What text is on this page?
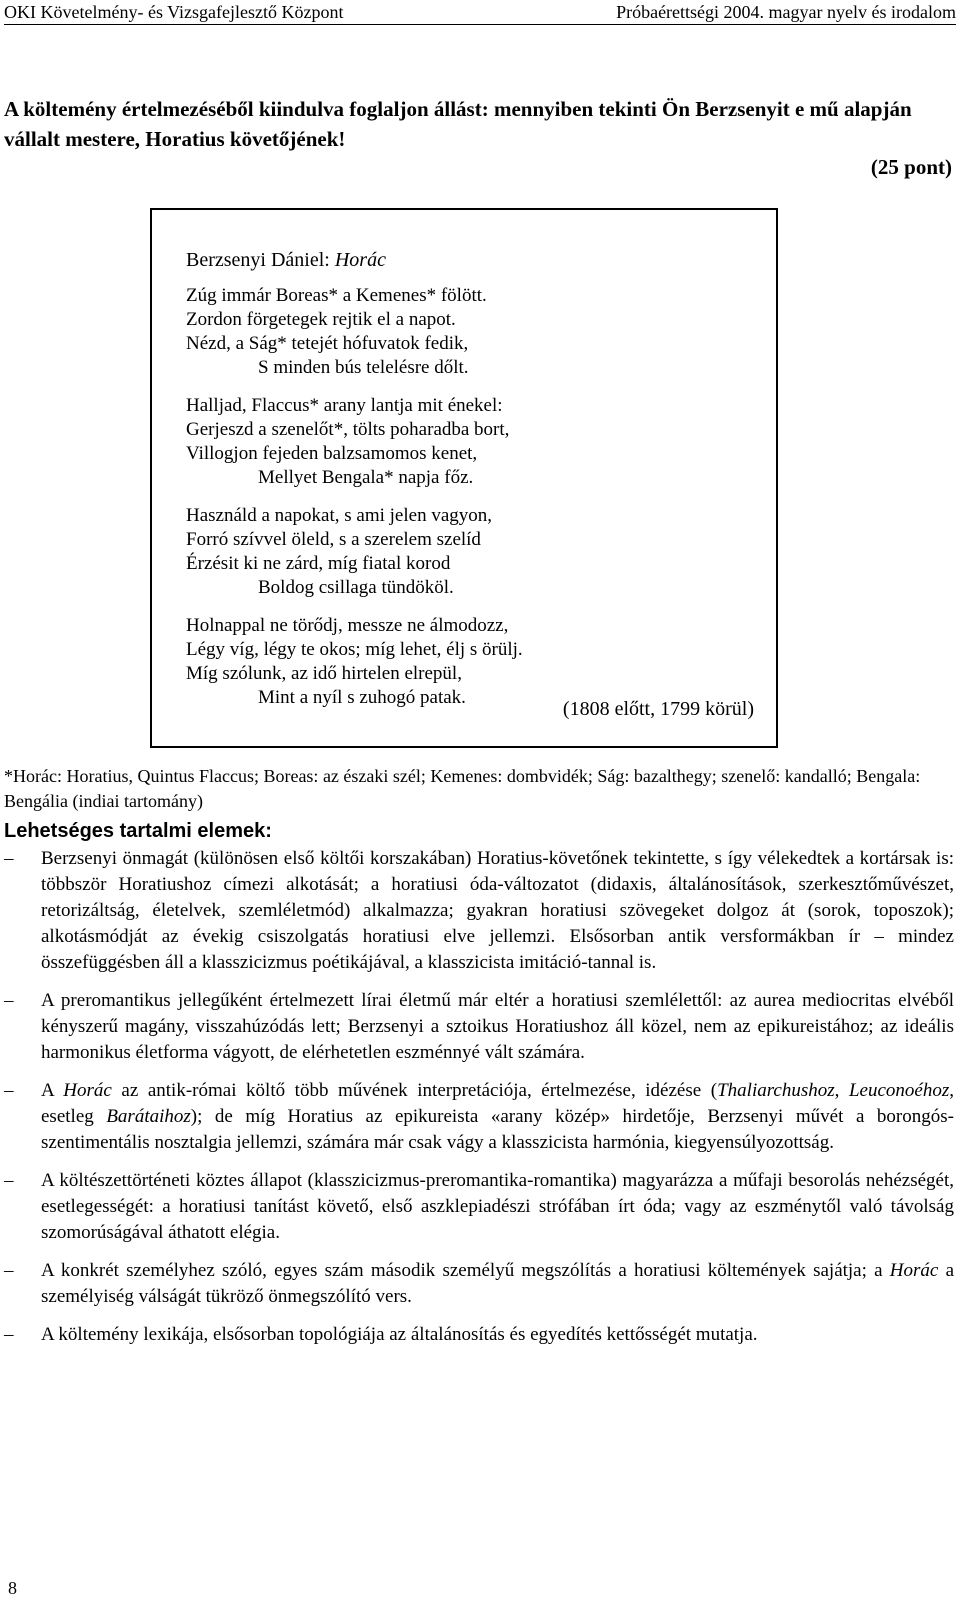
OKI Követelmény- és Vizsgafejlesztő Központ	Próbaérettségi 2004. magyar nyelv és irodalom
A költemény értelmezéséből kiindulva foglaljon állást: mennyiben tekinti Ön Berzsenyit e mű alapján vállalt mestere, Horatius követőjének!
(25 pont)
Berzsenyi Dániel: Horác
Zúg immár Boreas* a Kemenes* fölött.
Zordon förgetegek rejtik el a napot.
Nézd, a Ság* tetejét hófuvatok fedik,
S minden bús telelésre dőlt.
Halljad, Flaccus* arany lantja mit énekel:
Gerjeszd a szenelőt*, tölts poharadba bort,
Villogjon fejeden balzsamomos kenet,
Mellyet Bengala* napja főz.
Használd a napokat, s ami jelen vagyon,
Forró szívvel öleld, s a szerelem szelíd
Érzésit ki ne zárd, míg fiatal korod
Boldog csillaga tündököl.
Holnappal ne törődj, messze ne álmodozz,
Légy víg, légy te okos; míg lehet, élj s örülj.
Míg szólunk, az idő hirtelen elrepül,
Mint a nyíl s zuhogó patak.
(1808 előtt, 1799 körül)
*Horác: Horatius, Quintus Flaccus; Boreas: az északi szél; Kemenes: dombvidék; Ság: bazalthegy; szenelő: kandalló; Bengala: Bengália (indiai tartomány)
Lehetséges tartalmi elemek:
– Berzsenyi önmagát (különösen első költői korszakában) Horatius-követőnek tekintette, s így vélekedtek a kortársak is: többször Horatiushoz címezi alkotását; a horatiusi óda-változatot (didaxis, általánosítások, szerkesztőművészet, retorizáltság, életelvek, szemléletmód) alkalmazza; gyakran horatiusi szövegeket dolgoz át (sorok, toposzok); alkotásmódját az évekig csiszolgatás horatiusi elve jellemzi. Elsősorban antik versformákban ír – mindez összefüggésben áll a klasszicizmus poétikájával, a klasszicista imitáció-tannal is.
– A preromantikus jellegűként értelmezett lírai életmű már eltér a horatiusi szemlélettől: az aurea mediocritas elvéből kényszerű magány, visszahúzódás lett; Berzsenyi a sztoikus Horatiushoz áll közel, nem az epikureistához; az ideális harmonikus életforma vágyott, de elérhetetlen eszménnyé vált számára.
– A Horác az antik-római költő több művének interpretációja, értelmezése, idézése (Thaliarchushoz, Leuconoéhoz, esetleg Barátaihoz); de míg Horatius az epikureista «arany közép» hirdetője, Berzsenyi művét a borongós-szentimentális nosztalgia jellemzi, számára már csak vágy a klasszicista harmónia, kiegyensúlyozottság.
– A költészettörténeti köztes állapot (klasszicizmus-preromantika-romantika) magyarázza a műfaji besorolás nehézségét, esetlegességét: a horatiusi tanítást követő, első aszklepiadészi strófában írt óda; vagy az eszménytől való távolság szomorúságával áthatott elégia.
– A konkrét személyhez szóló, egyes szám második személyű megszólítás a horatiusi költemények sajátja; a Horác a személyiség válságát tükröző önmegszólító vers.
– A költemény lexikája, elsősorban topológiája az általánosítás és egyedítés kettősségét mutatja.
8
